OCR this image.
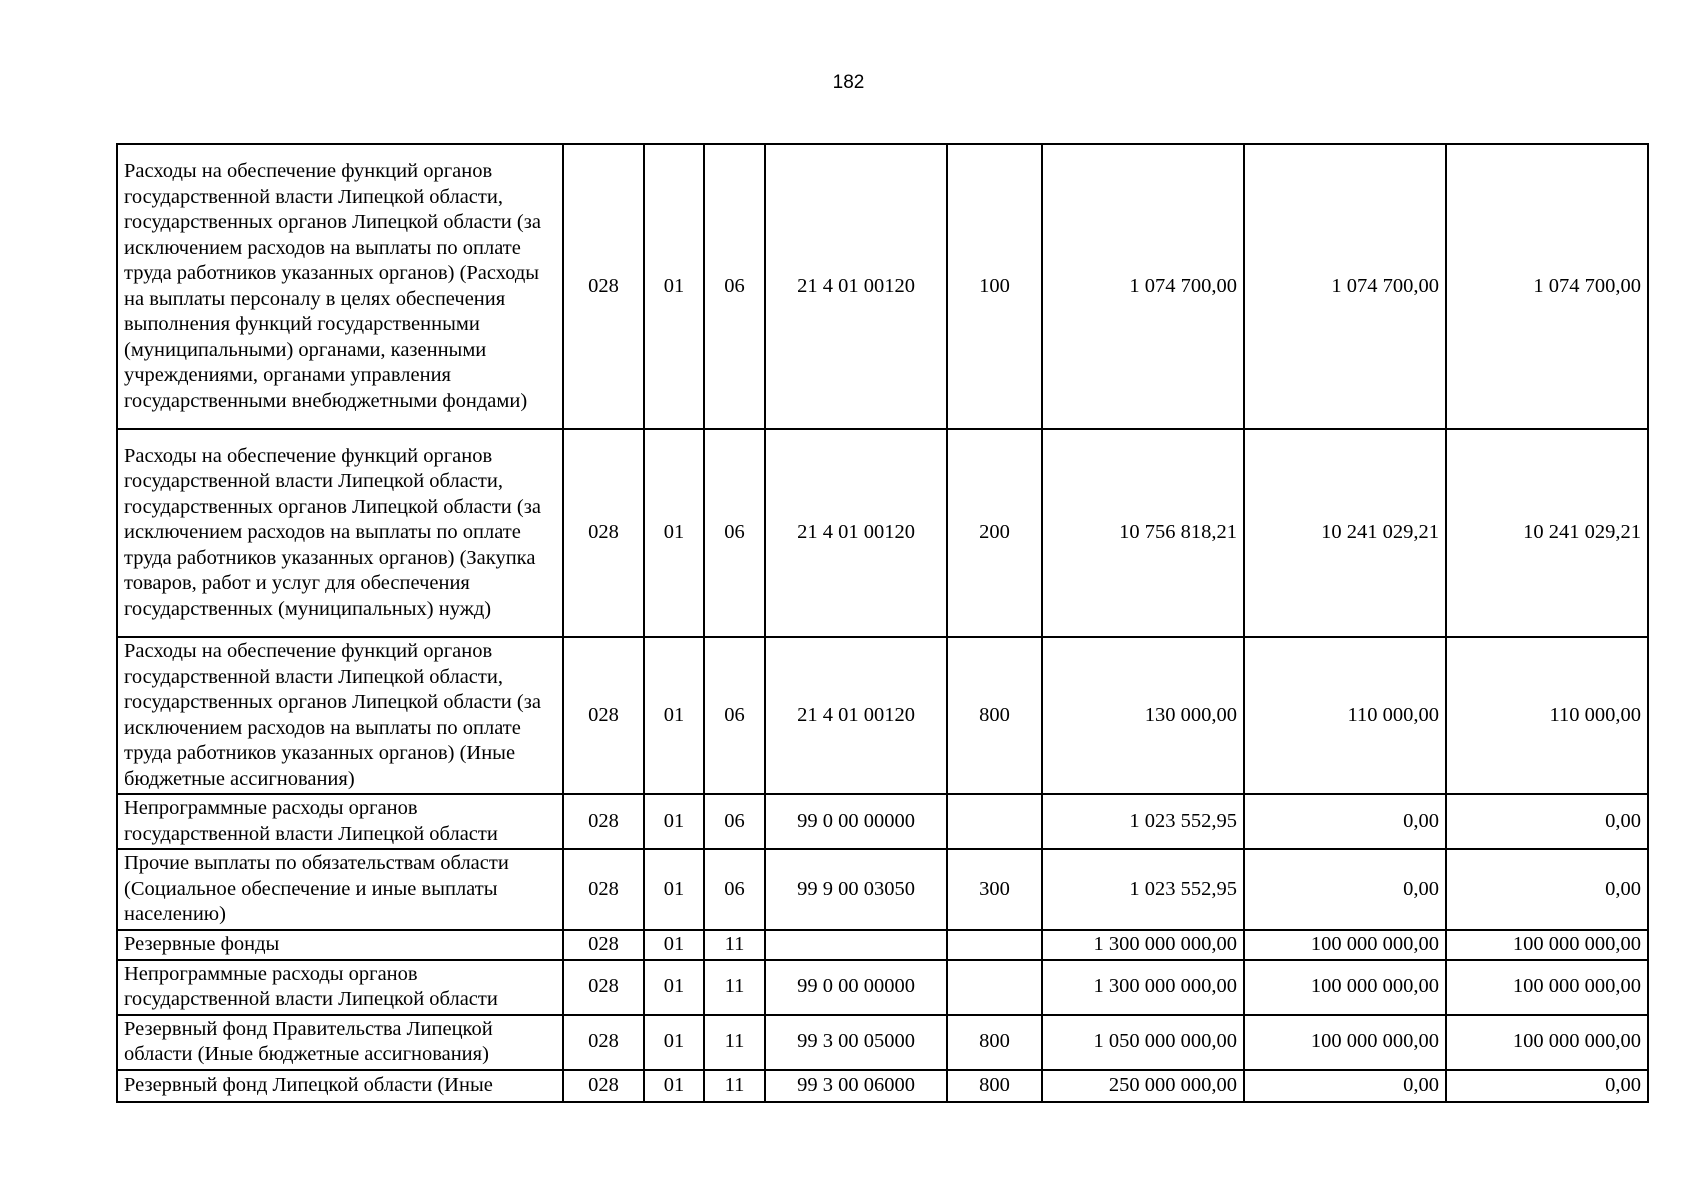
182
Расходы на обеспечение функций органов государственной власти Липецкой области, государственных органов Липецкой области (за исключением расходов на выплаты по оплате труда работников указанных органов) (Расходы на выплаты персоналу в целях обеспечения выполнения функций государственными (муниципальными) органами, казенными учреждениями, органами управления государственными внебюджетными фондами)	028	01	06	21 4 01 00120	100	1 074 700,00	1 074 700,00	1 074 700,00
Расходы на обеспечение функций органов государственной власти Липецкой области, государственных органов Липецкой области (за исключением расходов на выплаты по оплате труда работников указанных органов) (Закупка товаров, работ и услуг для обеспечения государственных (муниципальных) нужд)	028	01	06	21 4 01 00120	200	10 756 818,21	10 241 029,21	10 241 029,21
Расходы на обеспечение функций органов государственной власти Липецкой области, государственных органов Липецкой области (за исключением расходов на выплаты по оплате труда работников указанных органов) (Иные бюджетные ассигнования)	028	01	06	21 4 01 00120	800	130 000,00	110 000,00	110 000,00
Непрограммные расходы органов государственной власти Липецкой области	028	01	06	99 0 00 00000		1 023 552,95	0,00	0,00
Прочие выплаты по обязательствам области (Социальное обеспечение и иные выплаты населению)	028	01	06	99 9 00 03050	300	1 023 552,95	0,00	0,00
Резервные фонды	028	01	11			1 300 000 000,00	100 000 000,00	100 000 000,00
Непрограммные расходы органов государственной власти Липецкой области	028	01	11	99 0 00 00000		1 300 000 000,00	100 000 000,00	100 000 000,00
Резервный фонд Правительства Липецкой области (Иные бюджетные ассигнования)	028	01	11	99 3 00 05000	800	1 050 000 000,00	100 000 000,00	100 000 000,00
Резервный фонд Липецкой области (Иные	028	01	11	99 3 00 06000	800	250 000 000,00	0,00	0,00
